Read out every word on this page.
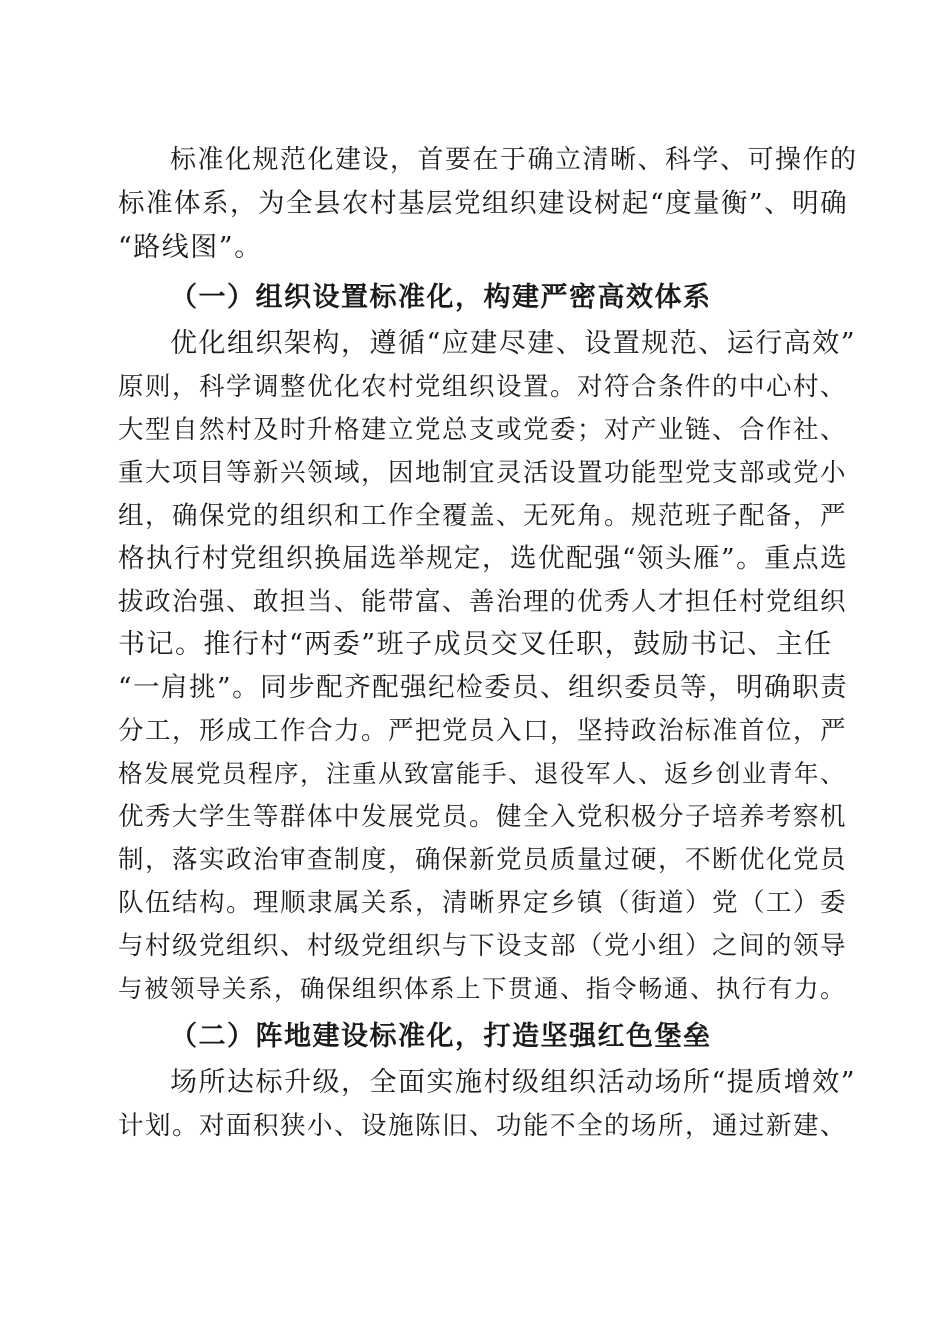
标准化规范化建设，首要在于确立清晰、科学、可操作的
标准体系，为全县农村基层党组织建设树起“度量衡”、明确
“路线图”。
（一）组织设置标准化，构建严密高效体系
优化组织架构，遵循“应建尽建、设置规范、运行高效”
原则，科学调整优化农村党组织设置。对符合条件的中心村、
大型自然村及时升格建立党总支或党委；对产业链、合作社、
重大项目等新兴领域，因地制宜灵活设置功能型党支部或党小
组，确保党的组织和工作全覆盖、无死角。规范班子配备，严
格执行村党组织换届选举规定，选优配强“领头雁”。重点选
拔政治强、敢担当、能带富、善治理的优秀人才担任村党组织
书记。推行村“两委”班子成员交叉任职，鼓励书记、主任
“一肩挑”。同步配齐配强纪检委员、组织委员等，明确职责
分工，形成工作合力。严把党员入口，坚持政治标准首位，严
格发展党员程序，注重从致富能手、退役军人、返乡创业青年、
优秀大学生等群体中发展党员。健全入党积极分子培养考察机
制，落实政治审查制度，确保新党员质量过硬，不断优化党员
队伍结构。理顺隶属关系，清晰界定乡镇（街道）党（工）委
与村级党组织、村级党组织与下设支部（党小组）之间的领导
与被领导关系，确保组织体系上下贯通、指令畅通、执行有力。
（二）阵地建设标准化，打造坚强红色堡垒
场所达标升级，全面实施村级组织活动场所“提质增效”
计划。对面积狭小、设施陈旧、功能不全的场所，通过新建、
